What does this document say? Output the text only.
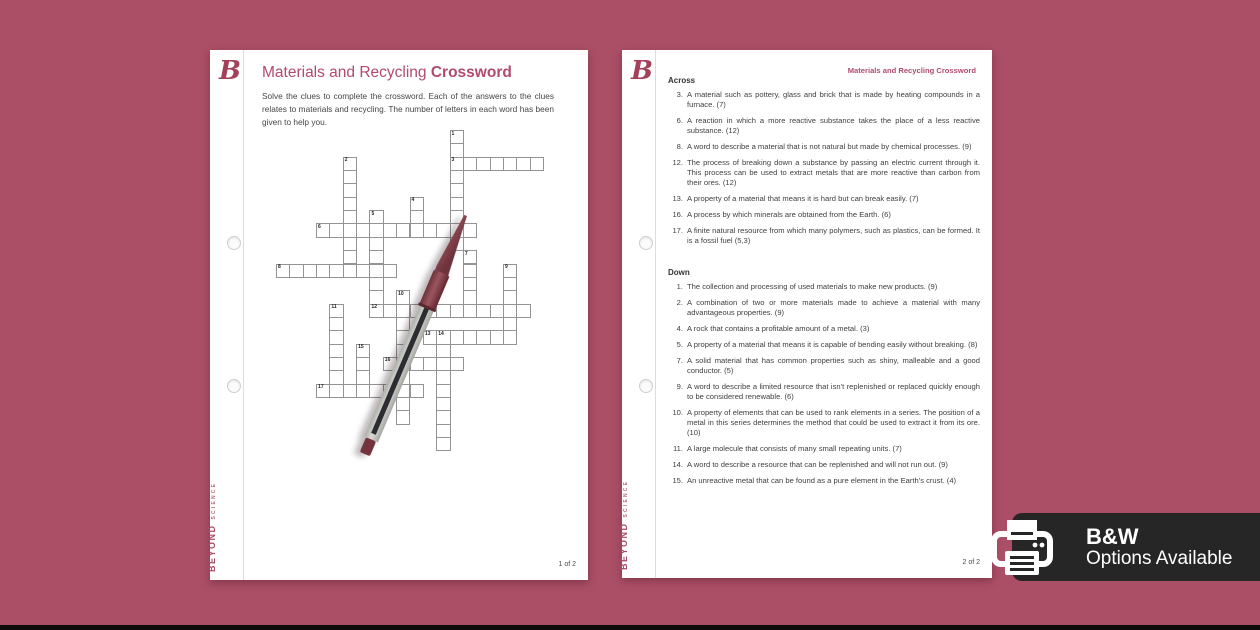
B Materials and Recycling Crossword

Solve the clues to complete the crossword. Each of the answers to the clues relates to materials and recycling. The number of letters in each word has been given to help you.

1
3
2
4
5
12
6
7
8	9
10
11
13 14
15
16
17
BEYONDSCIENCE
1 of 2
B	Materials and Recycling Crossword
Across
3. A material such as pottery, glass and brick that is made by heating compounds in a furnace. (7)
6. A reaction in which a more reactive substance takes the place of a less reactive substance. (12)
8. A word to describe a material that is not natural but made by chemical processes. (9)
12. The process of breaking down a substance by passing an electric current through it. This process can be used to extract metals that are more reactive than carbon from their ores. (12)
13. A property of a material that means it is hard but can break easily. (7)
16. A process by which minerals are obtained from the Earth. (6)
17. A finite natural resource from which many polymers, such as plastics, can be formed. It is a fossil fuel (5,3)
Down
1. The collection and processing of used materials to make new products. (9)
2. A combination of two or more materials made to achieve a material with many advantageous properties. (9)
4. A rock that contains a profitable amount of a metal. (3)
5. A property of a material that means it is capable of bending easily without breaking. (8)
7. A solid material that has common properties such as shiny, malleable and a good conductor. (5)
9. A word to describe a limited resource that isn't replenished or replaced quickly enough to be considered renewable. (6)
10. A property of elements that can be used to rank elements in a series. The position of a metal in this series determines the method that could be used to extract it from its ore. (10)
11. A large molecule that consists of many small repeating units. (7)
14. A word to describe a resource that can be replenished and will not run out. (9)
15. An unreactive metal that can be found as a pure element in the Earth's crust. (4)
BEYONDSCIENCE
2 of 2
B&W
Options Available
